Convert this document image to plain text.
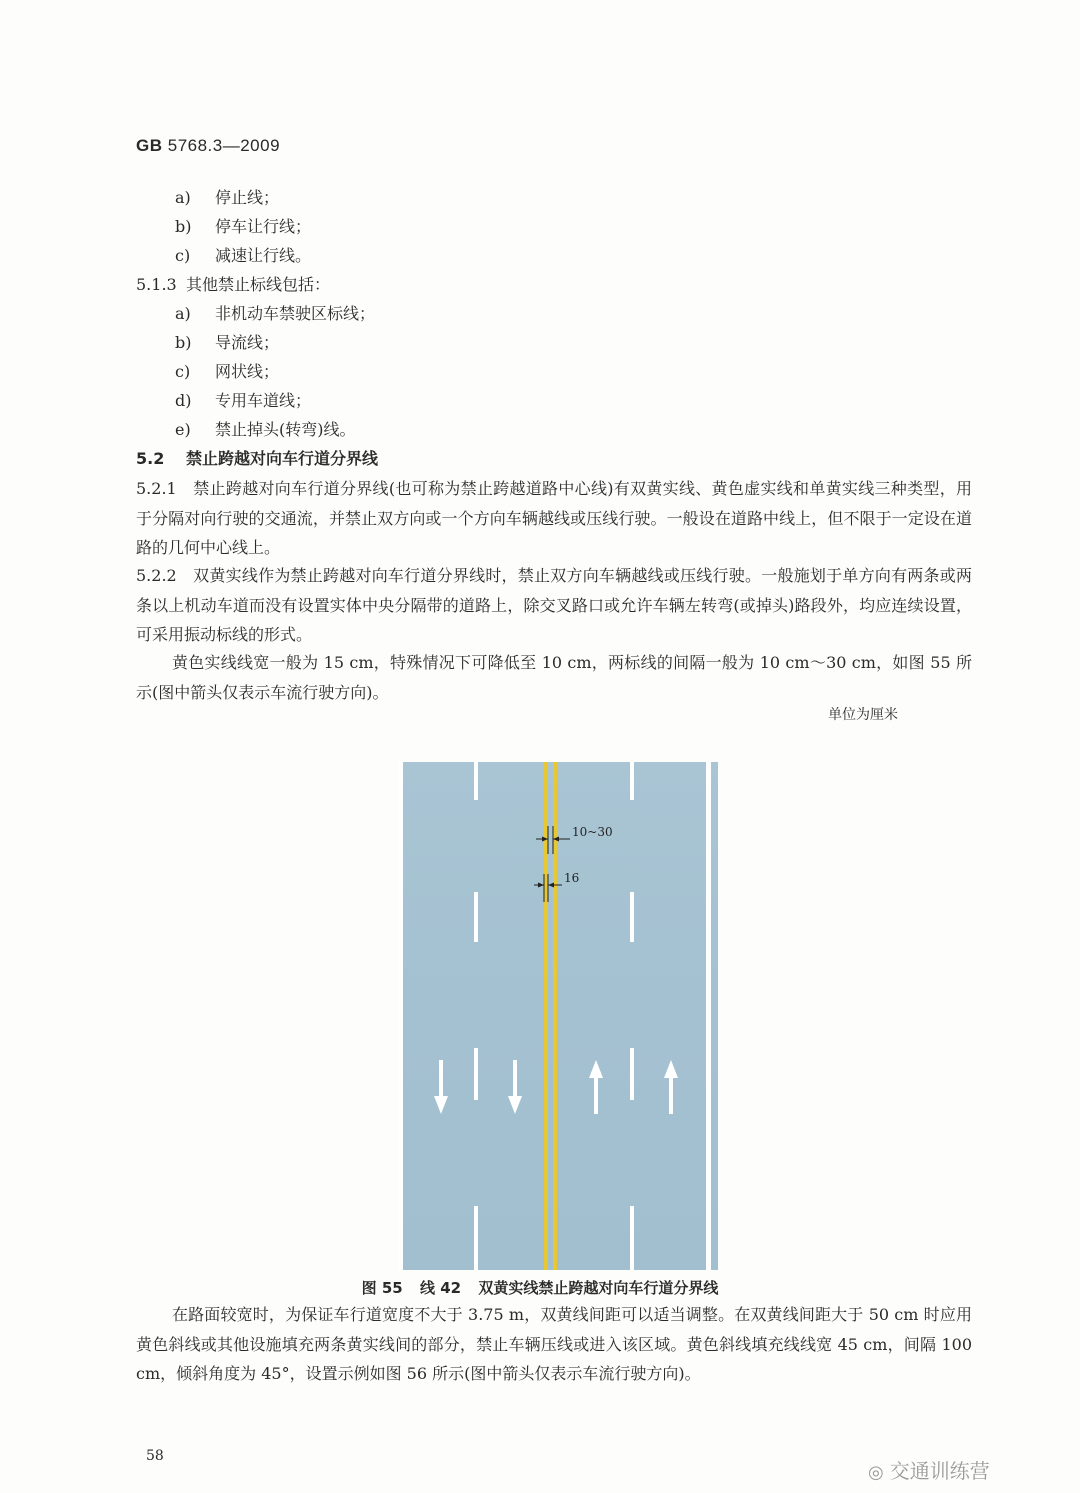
GB 5768.3—2009
a) 停止线；
b) 停车让行线；
c) 减速让行线。
5.1.3 其他禁止标线包括：
a) 非机动车禁驶区标线；
b) 导流线；
c) 网状线；
d) 专用车道线；
e) 禁止掉头(转弯)线。
5.2 禁止跨越对向车行道分界线
5.2.1　禁止跨越对向车行道分界线(也可称为禁止跨越道路中心线)有双黄实线、黄色虚实线和单黄实线三种类型，用于分隔对向行驶的交通流，并禁止双方向或一个方向车辆越线或压线行驶。一般设在道路中线上，但不限于一定设在道路的几何中心线上。
5.2.2　双黄实线作为禁止跨越对向车行道分界线时，禁止双方向车辆越线或压线行驶。一般施划于单方向有两条或两条以上机动车道而没有设置实体中央分隔带的道路上，除交叉路口或允许车辆左转弯(或掉头)路段外，均应连续设置，可采用振动标线的形式。
黄色实线线宽一般为 15 cm，特殊情况下可降低至 10 cm，两标线的间隔一般为 10 cm～30 cm，如图 55 所示(图中箭头仅表示车流行驶方向)。
单位为厘米
10~30
16
图 55 线 42 双黄实线禁止跨越对向车行道分界线
在路面较宽时，为保证车行道宽度不大于 3.75 m，双黄线间距可以适当调整。在双黄线间距大于 50 cm 时应用黄色斜线或其他设施填充两条黄实线间的部分，禁止车辆压线或进入该区域。黄色斜线填充线线宽 45 cm，间隔 100 cm，倾斜角度为 45°，设置示例如图 56 所示(图中箭头仅表示车流行驶方向)。
58
◎ 交通训练营
